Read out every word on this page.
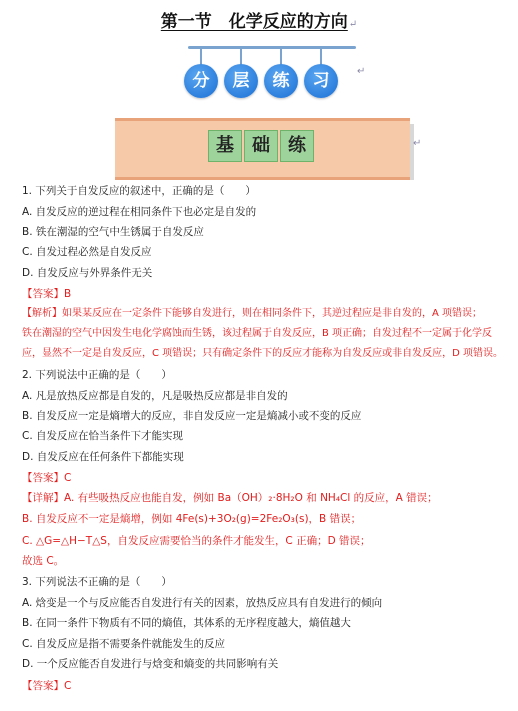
第一节　化学反应的方向↵
分	层	练	习	↵
基	础	练	↵
1. 下列关于自发反应的叙述中，正确的是（　　）
A. 自发反应的逆过程在相同条件下也必定是自发的
B. 铁在潮湿的空气中生锈属于自发反应
C. 自发过程必然是自发反应
D. 自发反应与外界条件无关
【答案】B
【解析】如果某反应在一定条件下能够自发进行，则在相同条件下，其逆过程应是非自发的，A 项错误；
铁在潮湿的空气中因发生电化学腐蚀而生锈，该过程属于自发反应，B 项正确；自发过程不一定属于化学反
应，显然不一定是自发反应，C 项错误；只有确定条件下的反应才能称为自发反应或非自发反应，D 项错误。
2. 下列说法中正确的是（　　）
A. 凡是放热反应都是自发的，凡是吸热反应都是非自发的
B. 自发反应一定是熵增大的反应，非自发反应一定是熵减小或不变的反应
C. 自发反应在恰当条件下才能实现
D. 自发反应在任何条件下都能实现
【答案】C
【详解】A. 有些吸热反应也能自发，例如 Ba（OH）₂·8H₂O 和 NH₄Cl 的反应，A 错误；
B. 自发反应不一定是熵增，例如 4Fe(s)+3O₂(g)=2Fe₂O₃(s)，B 错误；
C. △G=△H−T△S，自发反应需要恰当的条件才能发生，C 正确；D 错误；
故选 C。
3. 下列说法不正确的是（　　）
A. 焓变是一个与反应能否自发进行有关的因素，放热反应具有自发进行的倾向
B. 在同一条件下物质有不同的熵值，其体系的无序程度越大，熵值越大
C. 自发反应是指不需要条件就能发生的反应
D. 一个反应能否自发进行与焓变和熵变的共同影响有关
【答案】C
